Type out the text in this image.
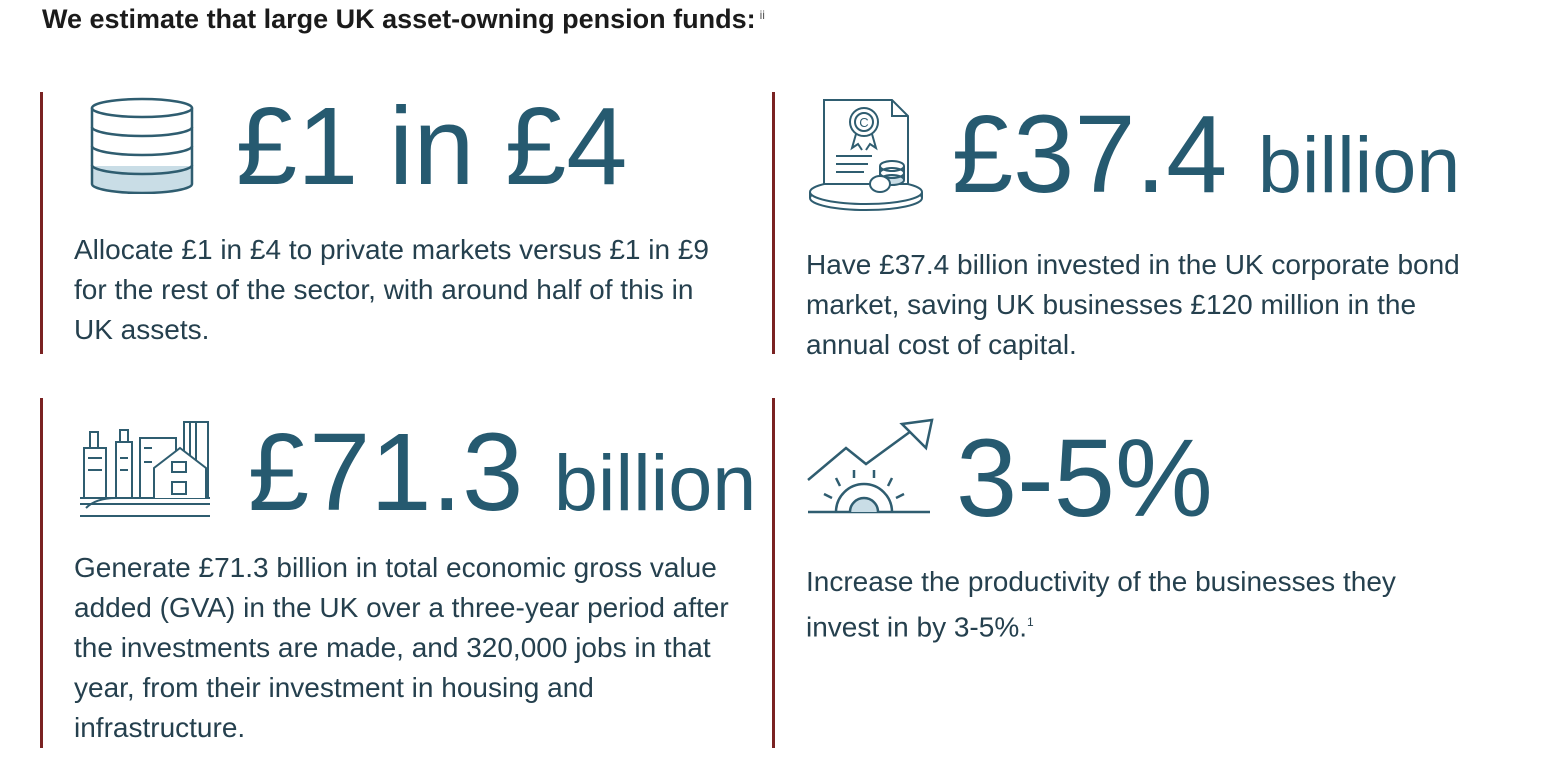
We estimate that large UK asset-owning pension funds: $^{ii}$
£1 in £4
Allocate £1 in £4 to private markets versus £1 in £9 for the rest of the sector, with around half of this in UK assets.
C £37.4 billion
Have £37.4 billion invested in the UK corporate bond market, saving UK businesses £120 million in the annual cost of capital.
£71.3 billion
Generate £71.3 billion in total economic gross value added (GVA) in the UK over a three-year period after the investments are made, and 320,000 jobs in that year, from their investment in housing and infrastructure.
3-5%
Increase the productivity of the businesses they invest in by 3-5%.$^1$
